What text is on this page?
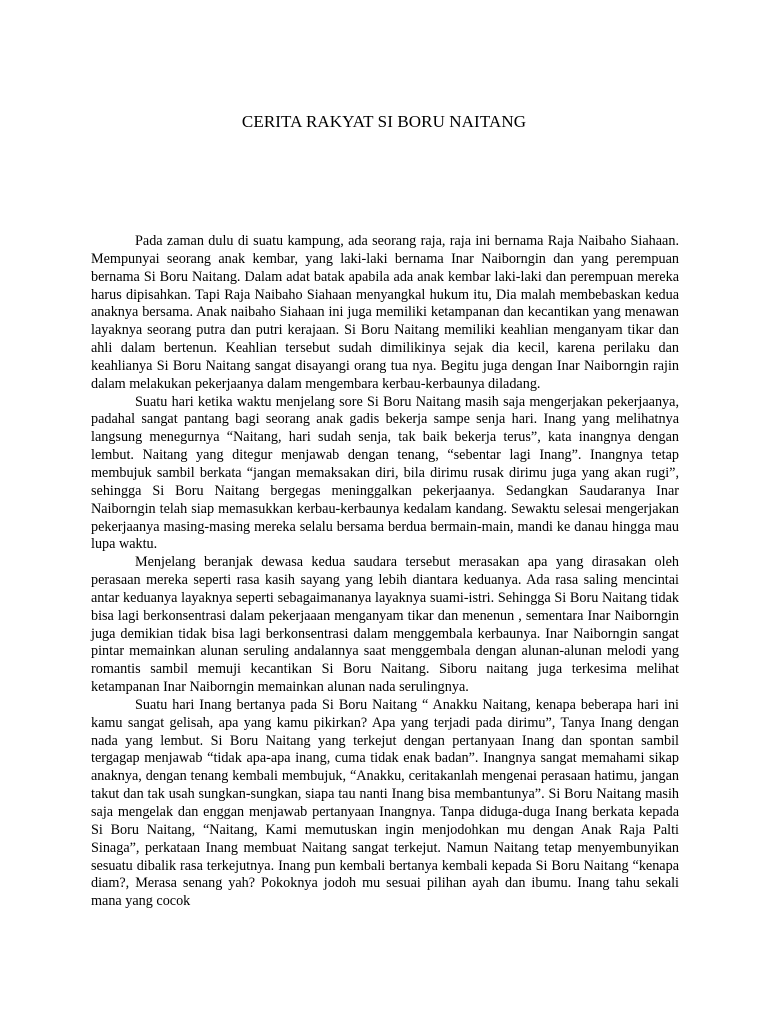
CERITA RAKYAT SI BORU NAITANG

Pada zaman dulu di suatu kampung, ada seorang raja, raja ini bernama Raja Naibaho Siahaan. Mempunyai seorang anak kembar, yang laki-laki bernama Inar Naiborngin dan yang perempuan bernama Si Boru Naitang. Dalam adat batak apabila ada anak kembar laki-laki dan perempuan mereka harus dipisahkan. Tapi Raja Naibaho Siahaan menyangkal hukum itu, Dia malah membebaskan kedua anaknya bersama. Anak naibaho Siahaan ini juga memiliki ketampanan dan kecantikan yang menawan layaknya seorang putra dan putri kerajaan. Si Boru Naitang memiliki keahlian menganyam tikar dan ahli dalam bertenun. Keahlian tersebut sudah dimilikinya sejak dia kecil, karena perilaku dan keahlianya Si Boru Naitang sangat disayangi orang tua nya. Begitu juga dengan Inar Naiborngin rajin dalam melakukan pekerjaanya dalam mengembara kerbau-kerbaunya diladang.

Suatu hari ketika waktu menjelang sore Si Boru Naitang masih saja mengerjakan pekerjaanya, padahal sangat pantang bagi seorang anak gadis bekerja sampe senja hari. Inang yang melihatnya langsung menegurnya “Naitang, hari sudah senja, tak baik bekerja terus”, kata inangnya dengan lembut. Naitang yang ditegur menjawab dengan tenang, “sebentar lagi Inang”. Inangnya tetap membujuk sambil berkata “jangan memaksakan diri, bila dirimu rusak dirimu juga yang akan rugi”, sehingga Si Boru Naitang bergegas meninggalkan pekerjaanya. Sedangkan Saudaranya Inar Naiborngin telah siap memasukkan kerbau-kerbaunya kedalam kandang. Sewaktu selesai mengerjakan pekerjaanya masing-masing mereka selalu bersama berdua bermain-main, mandi ke danau hingga mau lupa waktu.

Menjelang beranjak dewasa kedua saudara tersebut merasakan apa yang dirasakan oleh perasaan mereka seperti rasa kasih sayang yang lebih diantara keduanya. Ada rasa saling mencintai antar keduanya layaknya seperti sebagaimananya layaknya suami-istri. Sehingga Si Boru Naitang tidak bisa lagi berkonsentrasi dalam pekerjaaan menganyam tikar dan menenun , sementara Inar Naiborngin juga demikian tidak bisa lagi berkonsentrasi dalam menggembala kerbaunya. Inar Naiborngin sangat pintar memainkan alunan seruling andalannya saat menggembala dengan alunan-alunan melodi yang romantis sambil memuji kecantikan Si Boru Naitang. Siboru naitang juga terkesima melihat ketampanan Inar Naiborngin memainkan alunan nada serulingnya.

Suatu hari Inang bertanya pada Si Boru Naitang “ Anakku Naitang, kenapa beberapa hari ini kamu sangat gelisah, apa yang kamu pikirkan? Apa yang terjadi pada dirimu”, Tanya Inang dengan nada yang lembut. Si Boru Naitang yang terkejut dengan pertanyaan Inang dan spontan sambil tergagap menjawab “tidak apa-apa inang, cuma tidak enak badan”. Inangnya sangat memahami sikap anaknya, dengan tenang kembali membujuk, “Anakku, ceritakanlah mengenai perasaan hatimu, jangan takut dan tak usah sungkan-sungkan, siapa tau nanti Inang bisa membantunya”. Si Boru Naitang masih saja mengelak dan enggan menjawab pertanyaan Inangnya. Tanpa diduga-duga Inang berkata kepada Si Boru Naitang, “Naitang, Kami memutuskan ingin menjodohkan mu dengan Anak Raja Palti Sinaga”, perkataan Inang membuat Naitang sangat terkejut. Namun Naitang tetap menyembunyikan sesuatu dibalik rasa terkejutnya. Inang pun kembali bertanya kembali kepada Si Boru Naitang “kenapa diam?, Merasa senang yah? Pokoknya jodoh mu sesuai pilihan ayah dan ibumu. Inang tahu sekali mana yang cocok
